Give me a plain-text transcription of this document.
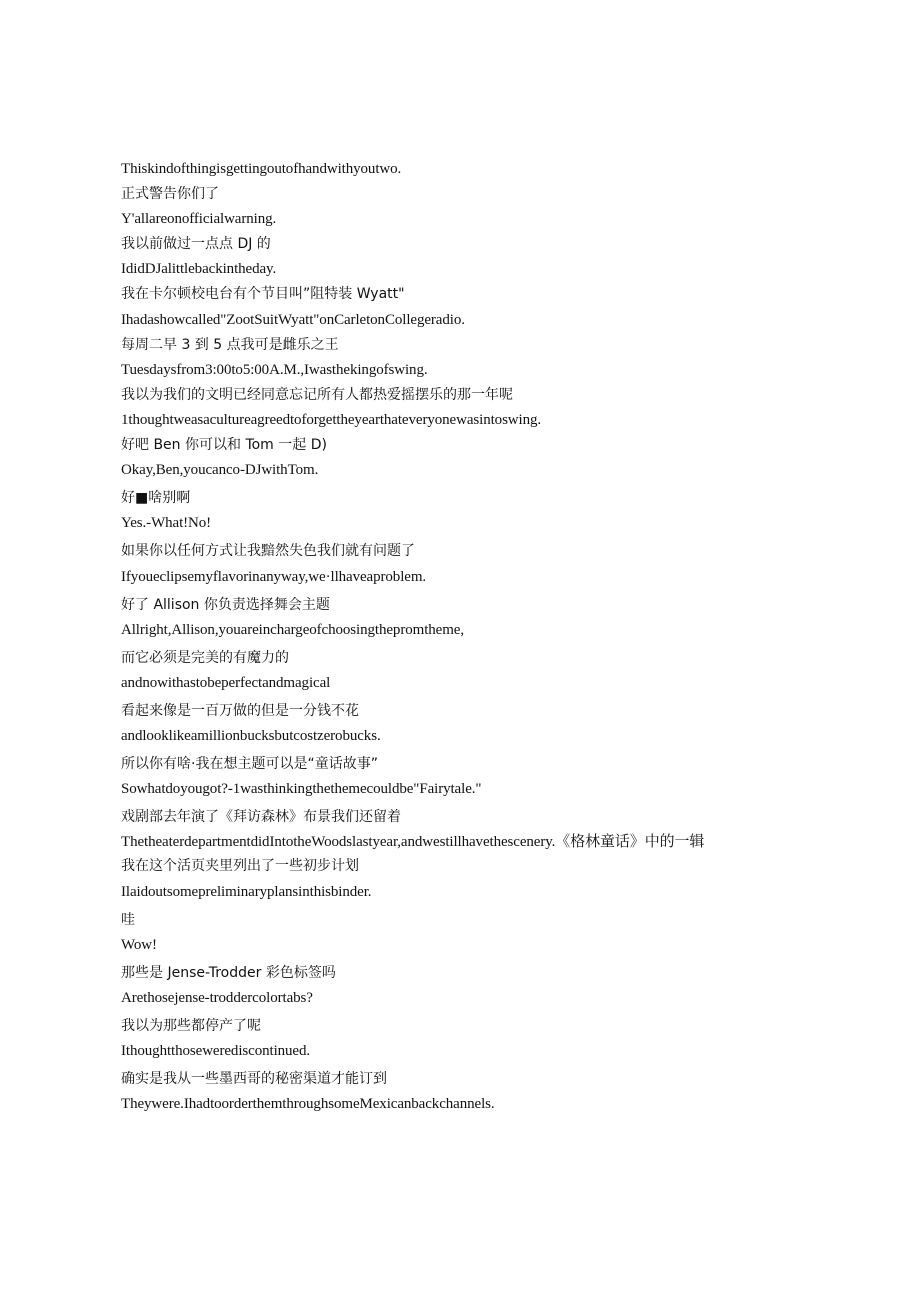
Thiskindofthingisgettingoutofhandwithyoutwo.
正式警告你们了
Y'allareonofficialwarning.
我以前做过一点点 DJ 的
IdidDJalittlebackintheday.
我在卡尔顿校电台有个节目叫”阻特装 Wyatt"
Ihadashowcalled"ZootSuitWyatt"onCarletonCollegeradio.
每周二早 3 到 5 点我可是雌乐之王
Tuesdaysfrom3:00to5:00A.M.,Iwasthekingofswing.
我以为我们的文明已经同意忘记所有人都热爱摇摆乐的那一年呢
1thoughtweasacultureagreedtoforgettheyearthateveryonewasintoswing.
好吧 Ben 你可以和 Tom 一起 D)
Okay,Ben,youcanco-DJwithTom.
好■啥别啊
Yes.-What!No!
如果你以任何方式让我黯然失色我们就有问题了
Ifyoueclipsemyflavorinanyway,we·llhaveaproblem.
好了 Allison 你负责选择舞会主题
Allright,Allison,youareinchargeofchoosingthepromtheme,
而它必须是完美的有魔力的
andnowithastobeperfectandmagical
看起来像是一百万做的但是一分钱不花
andlooklikeamillionbucksbutcostzerobucks.
所以你有啥·我在想主题可以是“童话故事”
Sowhatdoyougot?-1wasthinkingthethemecouldbe"Fairytale."
戏剧部去年演了《拜访森林》布景我们还留着
ThetheaterdepartmentdidIntotheWoodslastyear,andwestillhavethescenery.《格林童话》中的一辑
我在这个活页夹里列出了一些初步计划
Ilaidoutsomepreliminaryplansinthisbinder.
哇
Wow!
那些是 Jense-Trodder 彩色标签吗
Arethosejense-troddercolortabs?
我以为那些都停产了呢
Ithoughtthosewerediscontinued.
确实是我从一些墨西哥的秘密渠道才能订到
Theywere.IhadtoorderthemthroughsomeMexicanbackchannels.
